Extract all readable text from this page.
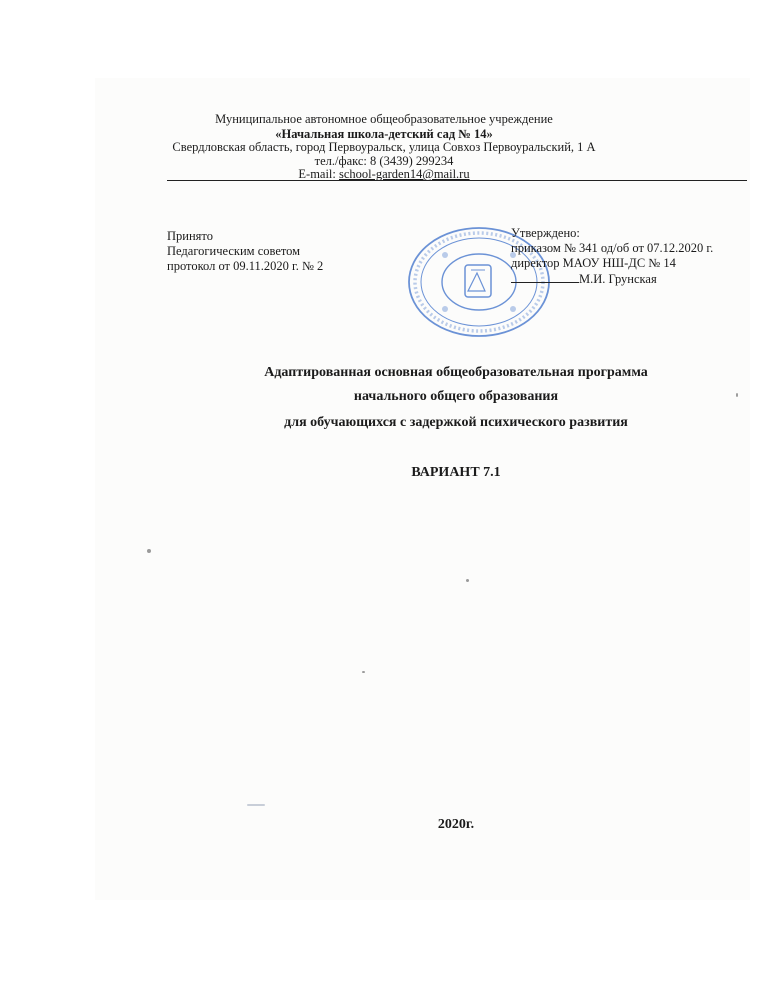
Муниципальное автономное общеобразовательное учреждение
«Начальная школа-детский сад № 14»
Свердловская область, город Первоуральск, улица Совхоз Первоуральский, 1 А
тел./факс: 8 (3439) 299234
E-mail: school-garden14@mail.ru
Принято
Педагогическим советом
протокол от 09.11.2020 г. № 2
Утверждено:
приказом № 341 од/об от 07.12.2020 г.
директор МАОУ НШ-ДС № 14
М.И. Грунская
Адаптированная основная общеобразовательная программа
начального общего образования
для обучающихся с задержкой психического развития
ВАРИАНТ 7.1
2020г.
